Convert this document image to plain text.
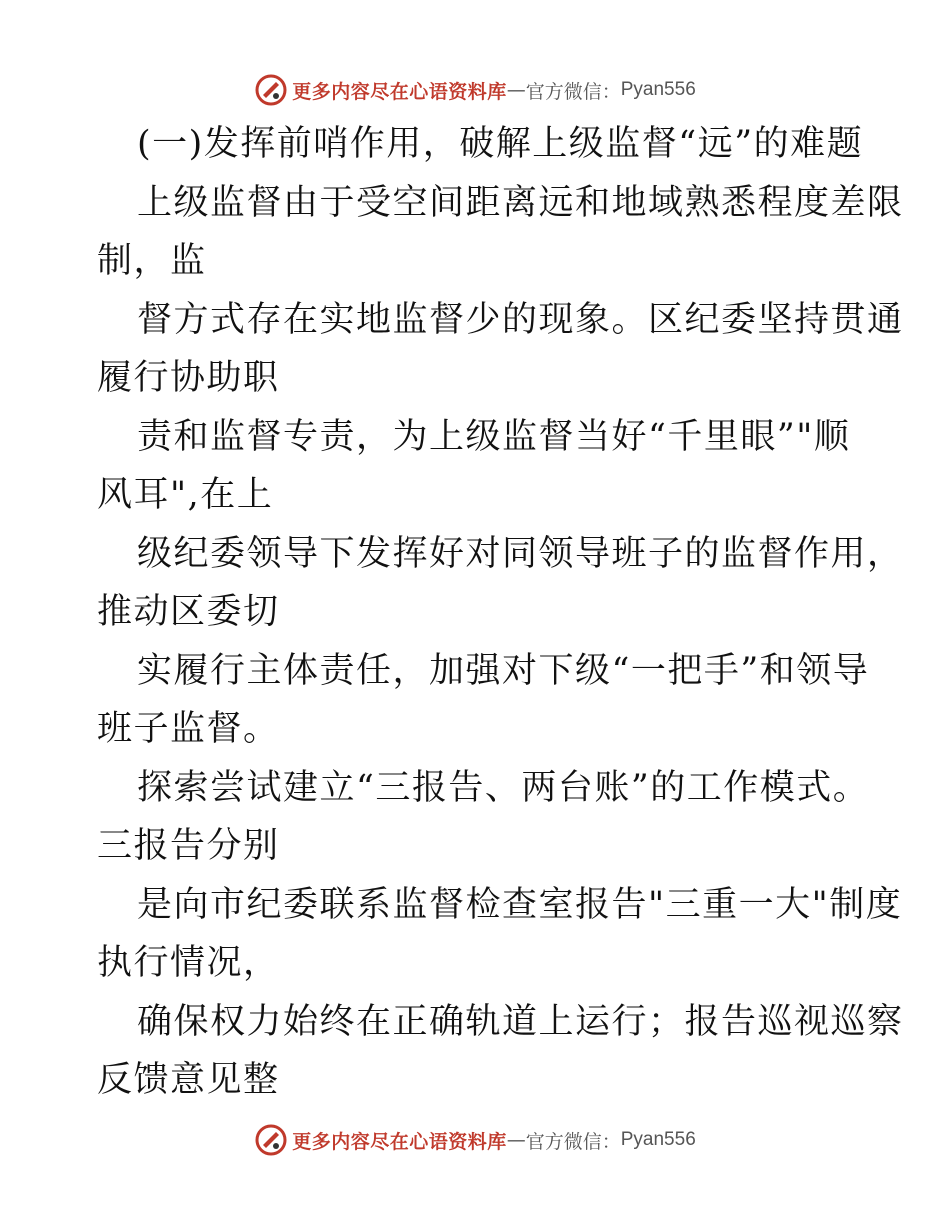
更多内容尽在心语资料库 — 官方微信： Pyan556
(一)发挥前哨作用，破解上级监督“远”的难题
上级监督由于受空间距离远和地域熟悉程度差限
制，监
督方式存在实地监督少的现象。区纪委坚持贯通
履行协助职
责和监督专责，为上级监督当好“千里眼”"顺
风耳",在上
级纪委领导下发挥好对同领导班子的监督作用，
推动区委切
实履行主体责任，加强对下级“一把手”和领导
班子监督。
探索尝试建立“三报告、两台账”的工作模式。
三报告分别
是向市纪委联系监督检查室报告"三重一大"制度
执行情况，
确保权力始终在正确轨道上运行；报告巡视巡察
反馈意见整
更多内容尽在心语资料库 — 官方微信： Pyan556
